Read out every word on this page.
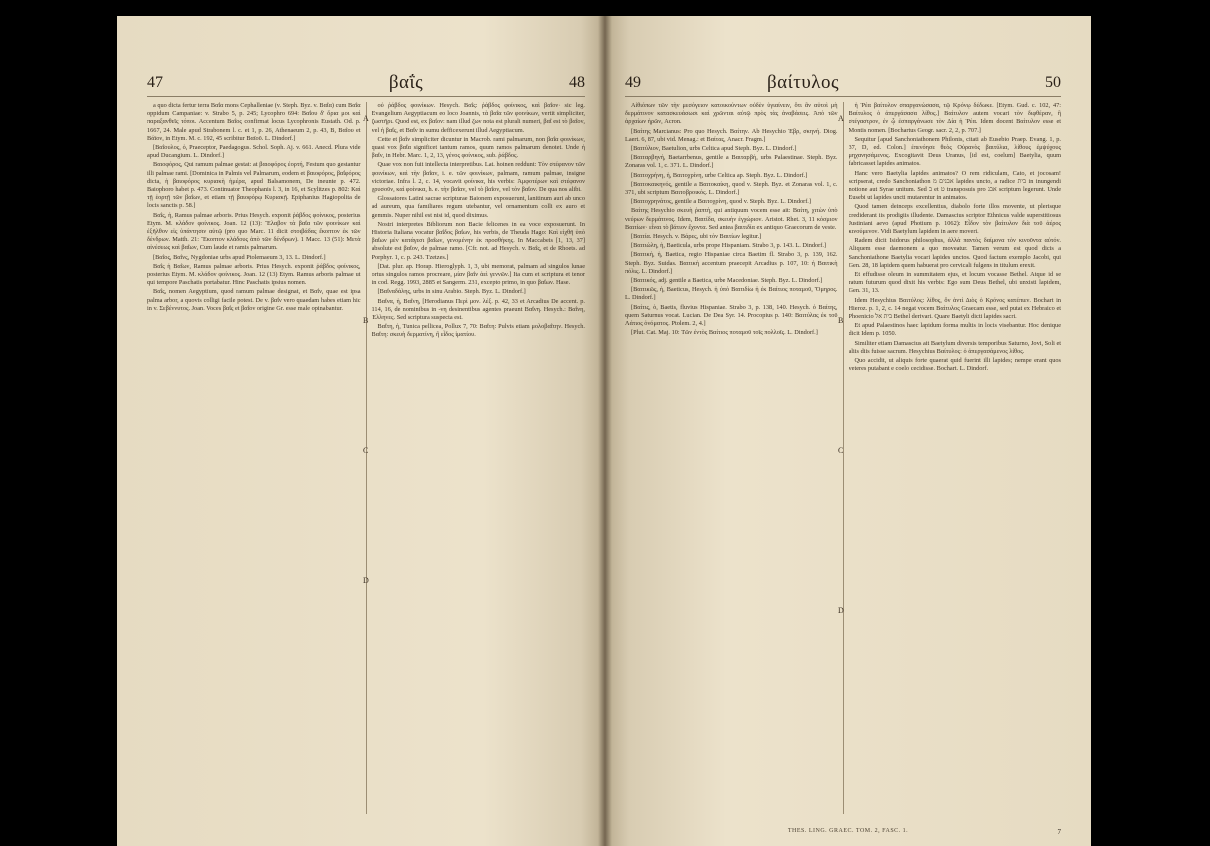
47	βαΐς	48

a quo dicta fertur terra Βαΐα mons Cephalleniae (v. Steph. Byz. v. Βαΐα) cum Βαΐα oppidum Campaniae: v. Strabo 5, p. 245; Lycophro 694: Βαΐου δ' ὅρια μοι καὶ παραξανθεῖς τόποι. Accentum Βαΐος confirmat locus Lycophronis Eustath. Od. p. 1667, 24. Male apud Strabonem l. c. et 1, p. 26, Athenaeum 2, p. 43, B, Βαΐου et Βάϊον, in Etym. M. c. 192, 45 scribitur Βαϊοῦ. L. Dindorf.]

[Βαΐουλος, ὁ, Praeceptor, Paedagogus. Schol. Soph. Aj. v. 661. Anecd. Plura vide apud Ducangium. L. Dindorf.]

Βαιοφόρος, Qui ramum palmae gestat: at βαιοφόρος ἑορτή, Festum quo gestantur illi palmae rami. [Dominica in Palmis vel Palmarum, eodem et βαιοφόρος, βαΐφόρος dicta, ἡ βαιοφόρος κυριακὴ ἡμέρα, apud Balsamonem, De ineunte p. 472. Baiophoro habet p. 473. Continuator Theophanis l. 3, in 16, et Scylitzes p. 802: Καὶ τῇ ἑορτῇ τῶν βαΐων, et etiam τῇ βαιοφόρῳ Κυριακῇ. Epiphanius Hagiopolita de locis sanctis p. 58.]

Βαΐς, ἡ, Ramus palmae arboris. Prius Hesych. exponit ῥάβδος φοίνικος, posterius Etym. M. κλάδον φοίνικος. Joan. 12 (13): Ἔλαβον τὰ βαΐα τῶν φοινίκων καὶ ἐξῆλθον εἰς ὑπάντησιν αὐτῷ (pro quo Marc. 11 dicit στοιβάδας ἔκοπτον ἐκ τῶν δένδρων. Matth. 21: Ἔκοπτον κλάδους ἀπὸ τῶν δένδρων). 1 Macc. 13 (51): Μετὰ αἰνέσεως καὶ βαΐων, Cum laude et ramis palmarum.

[Βαΐος, Βαΐνς, Nygdoniae urbs apud Ptolemaeum 3, 13. L. Dindorf.]

Βαΐς ἡ Βαΐων, Ramus palmae arboris. Prius Hesych. exponit ῥάβδος φοίνικος, posterius Etym. M. κλάδον φοίνικος. Joan. 12 (13) Etym. Ramus arboris palmae ut qui tempore Paschatis portabatur. Hinc Paschatis ipsius nomen.

Βαΐς, nomen Aegyptium, quod ramum palmae designat, et Βαΐν, quae est ipsa palma arbor, a quovis colligi facile potest. De v. βαΐν vero quaedam habes etiam hic in v. Σεβέννυτος. Joan. Voces βαΐς et βαΐον origine Gr. esse male opinabantur.

οὐ ῥάβδος φοινίκων. Hesych. Βαΐς: ῥάβδος φοίνικος, καὶ βαΐον· sic leg. Evangelium Aegyptiacum eo loco Joannis, τὰ βαΐα τῶν φοινίκων, vertit simpliciter, ζωστῆρι. Quod est, ex βαΐον: nam illud ζων nota est plurali numeri, βαΐ est τὸ βαΐον, vel ἡ βαΐς, et Βαΐν in sumu defficexerunt illud Aegyptiacum.

Cette et βαΐν simpliciter dicuntur in Macrob. rami palmarum, non βαΐα φοινίκων, quasi vox βαΐα significet tantum ramos, quum ramos palmarum denotet. Unde ἡ βαΐν, in Hebr. Marc. 1, 2, 13, γένος φοίνικος, sub. ῥάβδος.

Quae vox non fuit intellecta interpretibus. Lat. hoinen reddunt: Τὸν στέφανον τῶν φοινίκων, καὶ τὴν βαΐαν, i. e. τῶν φοινίκων, palmam, ramum palmae, insigne victoriae. Infra l. 2, c. 14, vocavit φοίνικα, his verbis: Ἀμφοτέρων καὶ στέφανον χρυσοῦν, καὶ φοίνικα, h. e. τὴν βαΐαν, vel τὸ βαΐον, vel τὸν βαΐον. De qua nos alibi.

Glossatores Latini sacrae scripturae Baionem exposuerunt, lanitinum auri ab unco ad aureum, qua familiares regum utebantur, vel ornamentum colli ex auro et gemmis. Nuper nihil est nisi id, quod diximus.

Nostri interpretes Bibliorum non Bacie felicenes in ea voce exposuerunt. In Historia Italiana vocatur βαΐδος βαΐων, his verbis, de Theuda Hago: Καὶ εἰχθῆ ὑπὸ βαΐων μὲν κατάγεσι βαΐων, γενομένην ἐκ προσθήκης. In Maccabeis [1, 13, 37] absolute est βαΐον, de palmae ramo. [Cfr. not. ad Hesych. v. Βαΐς, et de Rhoets. ad Porphyr. 1, c. p. 243. Tzetzes.]

[Dat. plur. ap. Horap. Hieroglyph. 1, 3, ubi memorat, palmam ad singulos lunae ortus singulos ramos procreare, μίαν βαΐν ἀεὶ γεννῶν.] Ita cum et scriptura et tenor in cod. Regg. 1993, 2885 et Sangerm. 231, excepto primo, in quo βαΐων. Hase.

[Βαΐναδάλης, urbs in sinu Arabio. Steph. Byz. L. Dindorf.]

Βαΐνα, ἡ, Βαΐνη, [Herodianus Περὶ μον. λέξ. p. 42, 33 et Arcadius De accent. p. 114, 16, de nominibus in -νη desinentibus agentes praeunt Βαΐνη. Hesych.: Βαΐνη, Ἐλληνες. Sed scriptura suspecta est.

Βαΐτη, ἡ, Tunica pellicea, Pollux 7, 70: Βαΐτη: Pulvis etiam μολοβαΐτην. Hesych. Βαΐτη: σκευὴ δερματίνη, ἢ εἶδος ἱματίου.

A
B
C
D
49	βαίτυλος	50

Αἰθιόπων τῶν τὴν μεσόγειον κατοικούντων οὐδὲν ὑγιαίνειν, ὅτι ἂν αὐτοὶ μὴ δερμάτινον κατασκευάσωσι καὶ χρῶνται αὐτῷ πρὸς τὰς ἀναβάσεις. Ἀπὸ τῶν ἀρχαίων ἡρῶν, Acron.

[Βαίτης Marcianus: Pro quo Hesych. Βαίτην. Ab Hesychio Ἐβρ, σκηνή. Diog. Laert. 6, 87, ubi vid. Menag.: et Βαίτας, Anacr. Fragm.]

[Βαιτύλιον, Baetulion, urbs Celtica apud Steph. Byz. L. Dindorf.]

[Βαιταρβηνή, Baetarrbenus, gentile a Βαιταρβή, urbs Palaestinae. Steph. Byz. Zonaras vol. 1, c. 371. L. Dindorf.]

[Βαιτοχρήνη, ἡ, Βαιτοχρίνη, urbe Celtica ap. Steph. Byz. L. Dindorf.]

[Βαιτοκαικηνός, gentile a Βαιτοκαίκη, quod v. Steph. Byz. et Zonaras vol. 1, c. 371, ubi scriptum Βαιτοβροικός. L. Dindorf.]

[Βαιτοχρηνάτος, gentile a Βαιτοχρίνη, quod v. Steph. Byz. L. Dindorf.]

Βαίτης Hesychio σκευὴ ῥαπτὴ, qui antiquum vocem esse ait: Βαίτη, χιτὼν ὑπὸ νεύρων δερμάτινος. Idem, Βαιτίδα, σκευὴν ἐγχώριον. Aristot. Rhet. 3, 11 κόσμιον Βαιτίων· εἶναι τὸ βάτιον ἔχοντα. Sed antea βαιτιδία ex antiquo Graecorum de veste.

[Βαιτία. Hesych. v. Βάρες, ubi τὸν Βαιτίων legitur.]

[Βαιτιώλη, ἡ, Baeticula, urbs prope Hispaniam. Strabo 3, p. 143. L. Dindorf.]

[Βαιτική, ἡ, Baetica, regio Hispaniae circa Baetim fl. Strabo 3, p. 139, 162. Steph. Byz. Suidas. Βαιτικὴ accentum praecepit Arcadius p. 107, 10: ἡ Βαιτικὴ πόλις. L. Dindorf.]

[Βαιτικός, adj. gentile a Baetica, urbe Macedoniae. Steph. Byz. L. Dindorf.]

[Βαιτικῶς, ἡ, Baeticus, Hesych. ἡ ὑπὸ Βαιτιδίω ἡ ἐκ Βαίτιος ποταμοῦ, Ὅμηρος. L. Dindorf.]

[Βαίτις, ὁ, Baetis, fluvius Hispaniae. Strabo 3, p. 138, 140. Hesych. ὁ Βαίτης, quem Saturnus vocat. Lucian. De Dea Syr. 14. Procopius p. 140: Βαιτύλας ἐκ τοῦ Λάτιος ὀνόματος. Ptolem. 2, 4.]

[Plut. Cat. Maj. 10: Τῶν ἐντὸς Βαίτιος ποταμοῦ τοῖς πολλοῖς. L. Dindorf.]

ἡ Ῥέα βαίτυλον σπαργανώσασα, τῷ Κρόνῳ δέδωκε. [Etym. Gud. c. 102, 47: Βαίτυλος ὁ ἀπεργάσασα λίθος.] Βαίτυλον autem vocari τὸν διφθέραν, ἢ στέγαστρον, ἐν ᾧ ἐσπαργάνωσε τὸν Δία ἡ Ῥέα. Idem docent Βαίτυλον esse et Montis nomen. [Bochartus Geogr. sacr. 2, 2, p. 707.]

Sequitur [apud Sanchoniathonem Philonis, citati ab Eusebio Praep. Evang. 1, p. 37, D, ed. Colon.] ἐπενόησε θεὸς Οὐρανὸς βαιτύλια, λίθους ἐμψύχους μηχανησάμενος. Excogitavit Deus Uranus, [id est, coelum] Baetylia, quum fabricasset lapides animatos.

Hanc vero Baetylia lapides animatos? O rem ridiculam, Cato, et jocosam! scripserat, credo Sanchoniathon אבנים מ lapides uncto, a radice בית in inungendi notione aut Syrae unitum. Sed ב et ט transposuis pro אבנ scriptum legerunt. Unde Eusebi ut lapides uncti mutarentur in animatos.

Quod tamen deinceps excellentius, diabolo forte illos movente, ut plerisque crediderant iis prodigiis illudente. Damascius scriptor Ethnicus valde superstitiosus Justiniani aevo (apud Photium p. 1062): Εἶδον τὸν βαίτυλον διὰ τοῦ ἀέρος κινούμενον. Vidi Baetylum lapidem in aere moveri.

Radem dicit Isidorus philosophus, ἀλλὰ παντὸς δαίμονα τὸν κινοῦντα αὐτόν. Aliquem esse daemonem a quo moveatur. Tamen verum est quod dicis a Sanchoniathone Baetylia vocari lapides unctos. Quod factum exemplo Jacobi, qui Gen. 28, 18 lapidem quem habuerat pro cervicali fulgens in titulum erexit.

Et effudisse oleum in summitatem ejus, et locum vocasse Bethel. Atque id se ratum futurum quod dixit his verbis: Ego sum Deus Bethel, ubi unxisti lapidem, Gen. 31, 13.

Idem Hesychius Βαιτύλος: λίθος, ὃν ἀντὶ Διὸς ὁ Κρόνος κατέπιεν. Bochart in Hieroz. p. 1, 2, c. 14 negat vocem Βαίτυλος Graecam esse, sed putat ex Hebraico et Phoenicio בית אל Bethel derivari. Quare Baetyli dicti lapides sacri.

Et apud Palaestinos haec lapidum forma multis in locis visebantur. Hoc denique dicit Idem p. 1050.

Similiter etiam Damascius ait Baetylum diversis temporibus Saturno, Jovi, Soli et aliis diis fuisse sacrum. Hesychius Βαίτυλος: ὁ ἀπεργασάμενος λίθος.

Quo accidit, ut aliquis forte quaerat quid fuerint illi lapides; nempe erant quos veteres putabant e coelo cecidisse. Bochart. L. Dindorf.

A
B
C
D
THES. LING. GRAEC. TOM. 2, FASC. 1.	7
